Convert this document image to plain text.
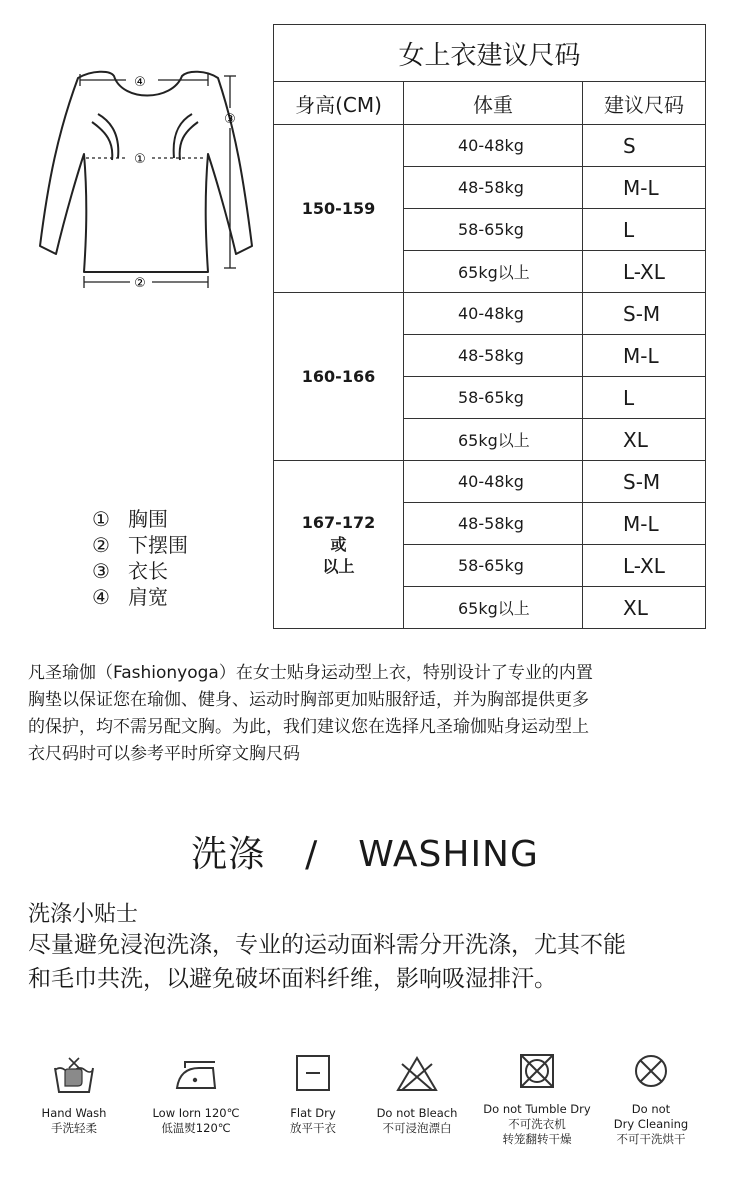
④
③
①
②
① 胸围
② 下摆围
③ 衣长
④ 肩宽
女上衣建议尺码		
身高(CM)	体重	建议尺码
150-159	40-48kg	S
	48-58kg	M-L
	58-65kg	L
	65kg以上	L-XL
160-166	40-48kg	S-M
	48-58kg	M-L
	58-65kg	L
	65kg以上	XL

167-172
或
以上	40-48kg	S-M
	48-58kg	M-L
	58-65kg	L-XL
	65kg以上	XL
凡圣瑜伽（Fashionyoga）在女士贴身运动型上衣，特别设计了专业的内置
胸垫以保证您在瑜伽、健身、运动时胸部更加贴服舒适，并为胸部提供更多
的保护，均不需另配文胸。为此，我们建议您在选择凡圣瑜伽贴身运动型上
衣尺码时可以参考平时所穿文胸尺码
洗涤 / WASHING
洗涤小贴士
尽量避免浸泡洗涤，专业的运动面料需分开洗涤，尤其不能
和毛巾共洗，以避免破坏面料纤维，影响吸湿排汗。
Hand Wash
手洗轻柔
Low Iorn 120℃
低温熨120℃
Flat Dry
放平干衣
Do not Bleach
不可浸泡漂白
Do not Tumble Dry
不可洗衣机
转笼翻转干燥
Do not
Dry Cleaning
不可干洗烘干
